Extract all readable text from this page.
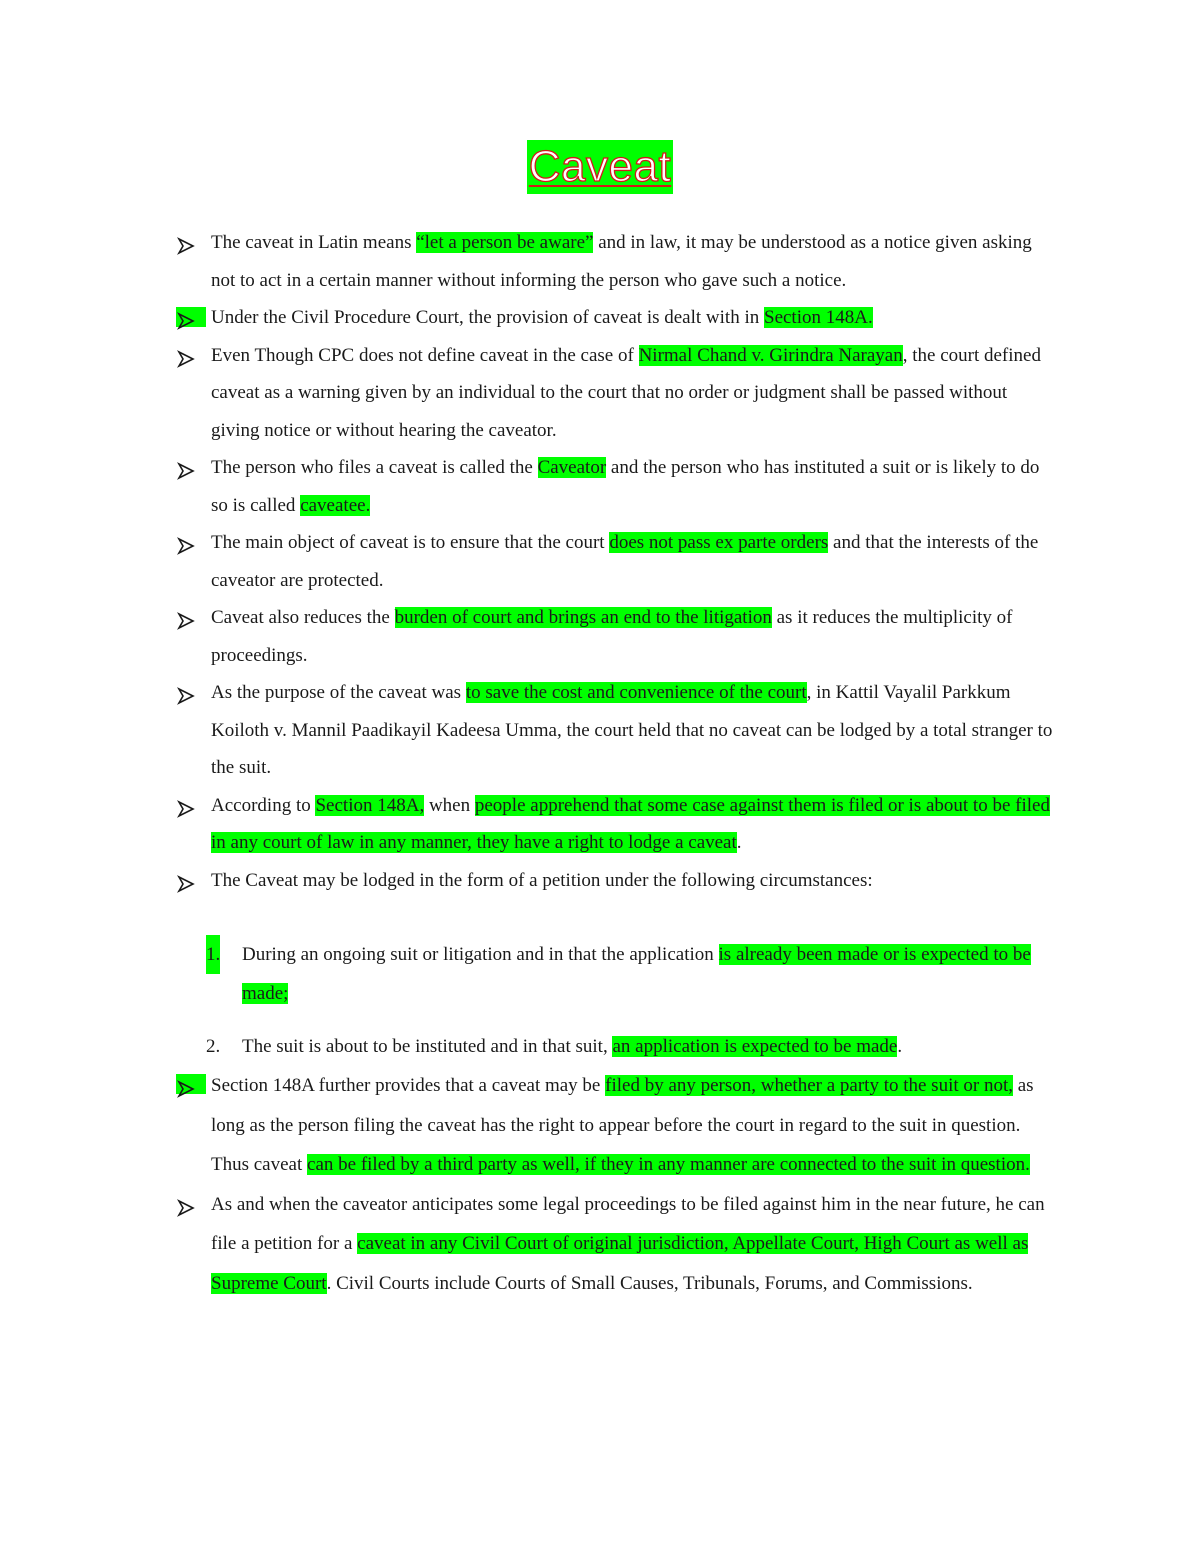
Caveat
The caveat in Latin means “let a person be aware” and in law, it may be understood as a notice given asking not to act in a certain manner without informing the person who gave such a notice.
Under the Civil Procedure Court, the provision of caveat is dealt with in Section 148A.
Even Though CPC does not define caveat in the case of Nirmal Chand v. Girindra Narayan, the court defined caveat as a warning given by an individual to the court that no order or judgment shall be passed without giving notice or without hearing the caveator.
The person who files a caveat is called the Caveator and the person who has instituted a suit or is likely to do so is called caveatee.
The main object of caveat is to ensure that the court does not pass ex parte orders and that the interests of the caveator are protected.
Caveat also reduces the burden of court and brings an end to the litigation as it reduces the multiplicity of proceedings.
As the purpose of the caveat was to save the cost and convenience of the court, in Kattil Vayalil Parkkum Koiloth v. Mannil Paadikayil Kadeesa Umma, the court held that no caveat can be lodged by a total stranger to the suit.
According to Section 148A, when people apprehend that some case against them is filed or is about to be filed in any court of law in any manner, they have a right to lodge a caveat.
The Caveat may be lodged in the form of a petition under the following circumstances:
1. During an ongoing suit or litigation and in that the application is already been made or is expected to be made;
2. The suit is about to be instituted and in that suit, an application is expected to be made.
Section 148A further provides that a caveat may be filed by any person, whether a party to the suit or not, as long as the person filing the caveat has the right to appear before the court in regard to the suit in question. Thus caveat can be filed by a third party as well, if they in any manner are connected to the suit in question.
As and when the caveator anticipates some legal proceedings to be filed against him in the near future, he can file a petition for a caveat in any Civil Court of original jurisdiction, Appellate Court, High Court as well as Supreme Court. Civil Courts include Courts of Small Causes, Tribunals, Forums, and Commissions.
